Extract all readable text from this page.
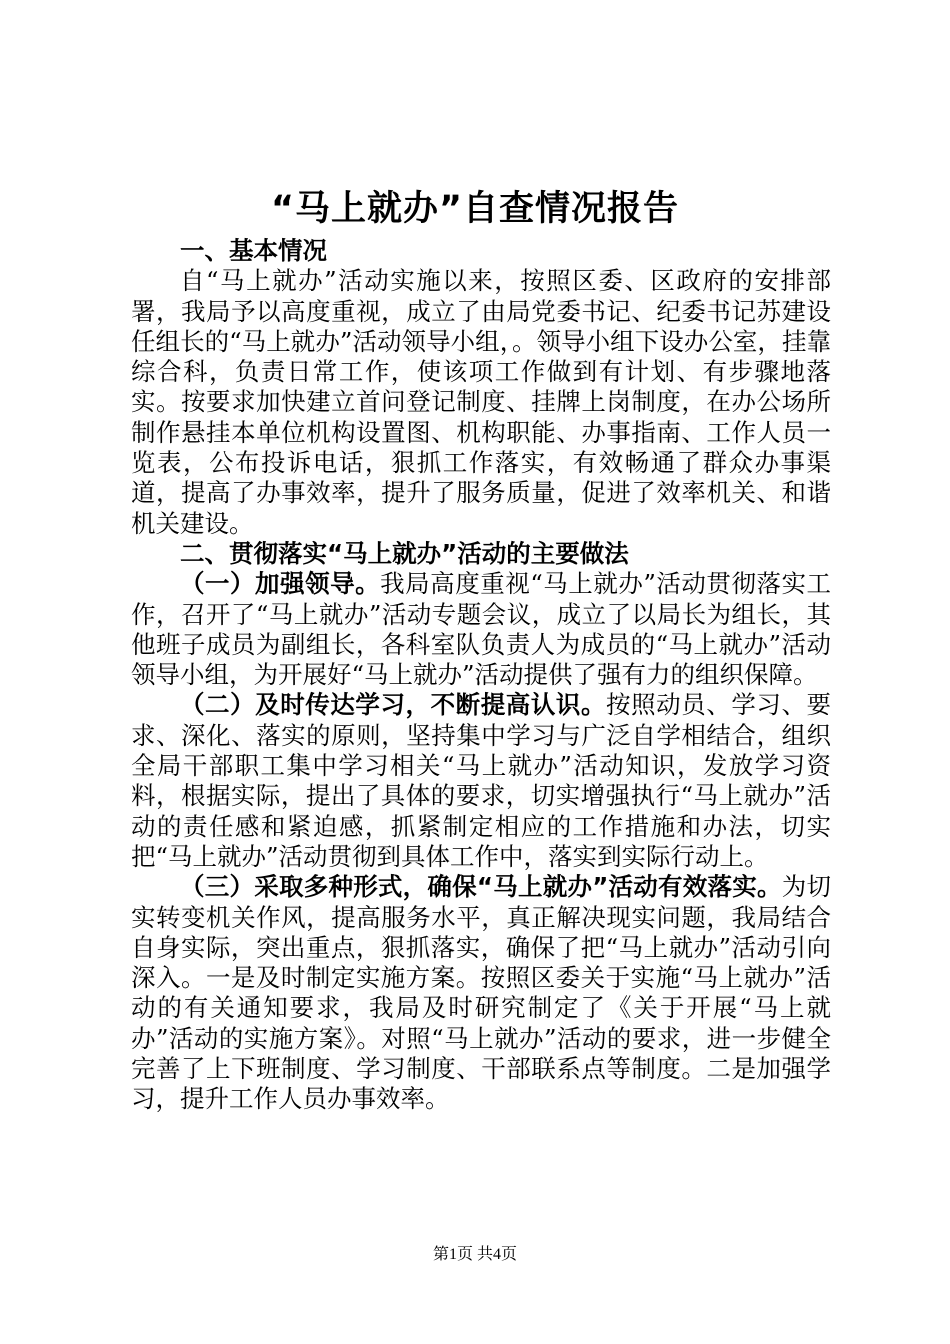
“马上就办”自查情况报告

一、基本情况

自“马上就办”活动实施以来，按照区委、区政府的安排部署，我局予以高度重视，成立了由局党委书记、纪委书记苏建设任组长的“马上就办”活动领导小组，。领导小组下设办公室，挂靠综合科，负责日常工作，使该项工作做到有计划、有步骤地落实。按要求加快建立首问登记制度、挂牌上岗制度，在办公场所制作悬挂本单位机构设置图、机构职能、办事指南、工作人员一览表，公布投诉电话，狠抓工作落实，有效畅通了群众办事渠道，提高了办事效率，提升了服务质量，促进了效率机关、和谐机关建设。

二、贯彻落实“马上就办”活动的主要做法

（一）加强领导。我局高度重视“马上就办”活动贯彻落实工作，召开了“马上就办”活动专题会议，成立了以局长为组长，其他班子成员为副组长，各科室队负责人为成员的“马上就办”活动领导小组，为开展好“马上就办”活动提供了强有力的组织保障。

（二）及时传达学习，不断提高认识。按照动员、学习、要求、深化、落实的原则，坚持集中学习与广泛自学相结合，组织全局干部职工集中学习相关“马上就办”活动知识，发放学习资料，根据实际，提出了具体的要求，切实增强执行“马上就办”活动的责任感和紧迫感，抓紧制定相应的工作措施和办法，切实把“马上就办”活动贯彻到具体工作中，落实到实际行动上。

（三）采取多种形式，确保“马上就办”活动有效落实。为切实转变机关作风，提高服务水平，真正解决现实问题，我局结合自身实际，突出重点，狠抓落实，确保了把“马上就办”活动引向深入。一是及时制定实施方案。按照区委关于实施“马上就办”活动的有关通知要求，我局及时研究制定了《关于开展“马上就办”活动的实施方案》。对照“马上就办”活动的要求，进一步健全完善了上下班制度、学习制度、干部联系点等制度。二是加强学习，提升工作人员办事效率。

第1页 共4页
